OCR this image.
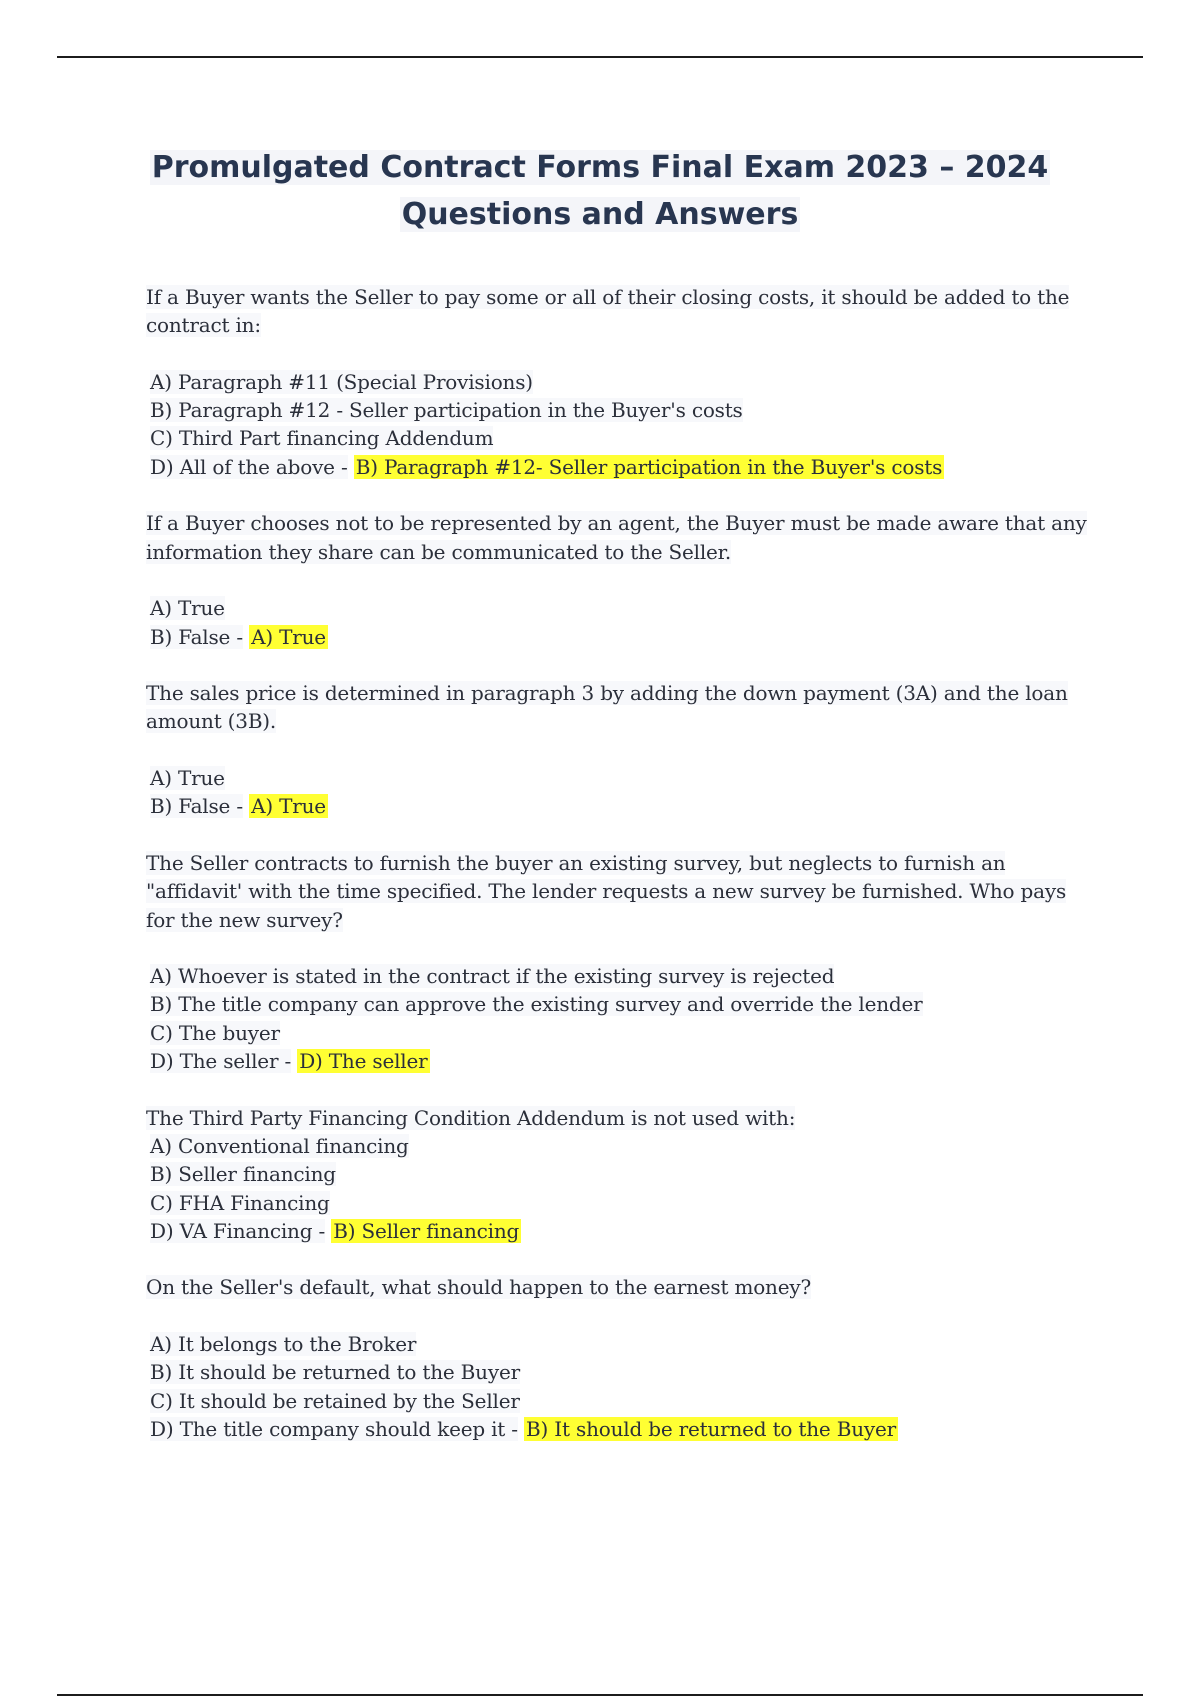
Promulgated Contract Forms Final Exam 2023 – 2024
Questions and Answers

If a Buyer wants the Seller to pay some or all of their closing costs, it should be added to the contract in:

A) Paragraph #11 (Special Provisions)
B) Paragraph #12 - Seller participation in the Buyer's costs
C) Third Part financing Addendum
D) All of the above - B) Paragraph #12- Seller participation in the Buyer's costs

If a Buyer chooses not to be represented by an agent, the Buyer must be made aware that any information they share can be communicated to the Seller.

A) True
B) False - A) True

The sales price is determined in paragraph 3 by adding the down payment (3A) and the loan amount (3B).

A) True
B) False - A) True

The Seller contracts to furnish the buyer an existing survey, but neglects to furnish an "affidavit' with the time specified. The lender requests a new survey be furnished. Who pays for the new survey?

A) Whoever is stated in the contract if the existing survey is rejected
B) The title company can approve the existing survey and override the lender
C) The buyer
D) The seller - D) The seller

The Third Party Financing Condition Addendum is not used with:

A) Conventional financing
B) Seller financing
C) FHA Financing
D) VA Financing - B) Seller financing

On the Seller's default, what should happen to the earnest money?

A) It belongs to the Broker
B) It should be returned to the Buyer
C) It should be retained by the Seller
D) The title company should keep it - B) It should be returned to the Buyer
